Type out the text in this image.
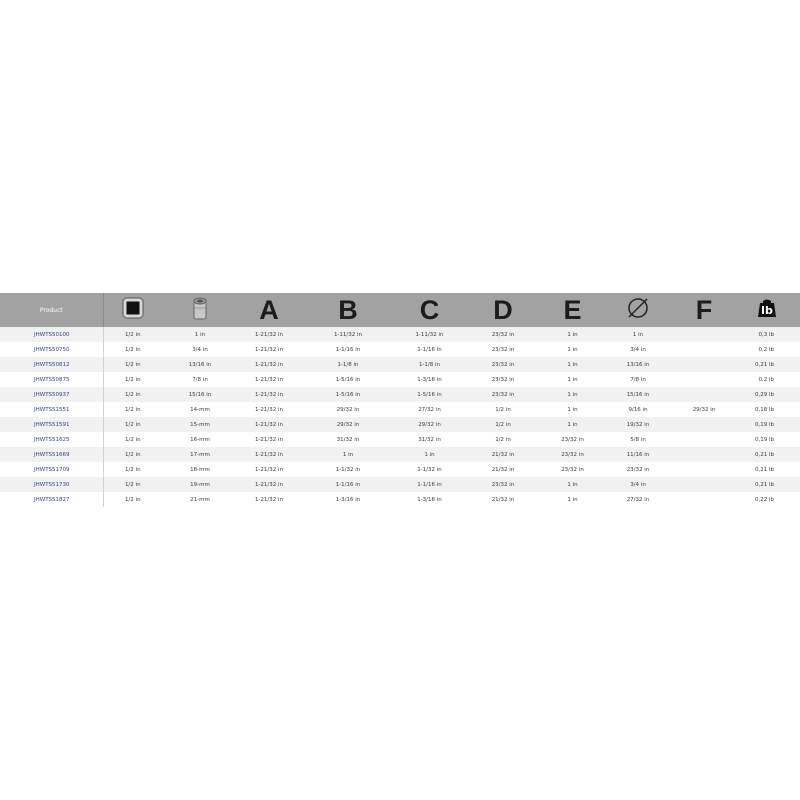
Product			A	B	C	D	E		F	lb

JHWTS50100	1/2 in	1 in	1-21/32 in	1-11/32 in	1-11/32 in	23/32 in	1 in	1 in		0,3 lb
JHWTS50750	1/2 in	3/4 in	1-21/32 in	1-1/16 in	1-1/16 in	23/32 in	1 in	3/4 in		0,2 lb
JHWTS50812	1/2 in	13/16 in	1-21/32 in	1-1/8 in	1-1/8 in	23/32 in	1 in	13/16 in		0,21 lb
JHWTS50875	1/2 in	7/8 in	1-21/32 in	1-5/16 in	1-3/16 in	23/32 in	1 in	7/8 in		0,2 lb
JHWTS50937	1/2 in	15/16 in	1-21/32 in	1-5/16 in	1-5/16 in	23/32 in	1 in	15/16 in		0,29 lb
JHWTS51551	1/2 in	14-mm	1-21/32 in	29/32 in	27/32 in	1/2 in	1 in	9/16 in	29/32 in	0,18 lb
JHWTS51591	1/2 in	15-mm	1-21/32 in	29/32 in	29/32 in	1/2 in	1 in	19/32 in		0,19 lb
JHWTS51625	1/2 in	16-mm	1-21/32 in	31/32 in	31/32 in	1/2 in	23/32 in	5/8 in		0,19 lb
JHWTS51669	1/2 in	17-mm	1-21/32 in	1 in	1 in	21/32 in	23/32 in	11/16 in		0,21 lb
JHWTS51709	1/2 in	18-mm	1-21/32 in	1-1/32 in	1-1/32 in	21/32 in	23/32 in	23/32 in		0,21 lb
JHWTS51730	1/2 in	19-mm	1-21/32 in	1-1/16 in	1-1/16 in	23/32 in	1 in	3/4 in		0,21 lb
JHWTS51827	1/2 in	21-mm	1-21/32 in	1-3/16 in	1-3/16 in	21/32 in	1 in	27/32 in		0,22 lb
